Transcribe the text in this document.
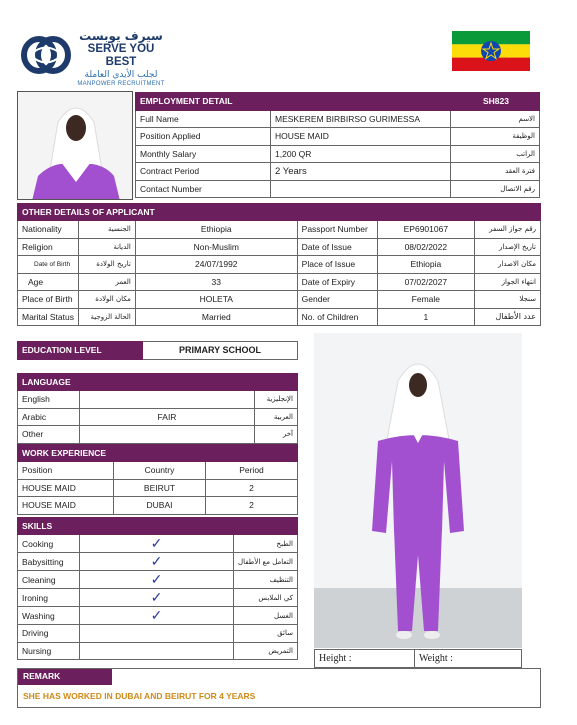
سيرف يوبست
SERVE YOU BEST
لجلب الأيدي العاملة
MANPOWER RECRUITMENT
EMPLOYMENT DETAIL		SH823
Full Name	MESKEREM BIRBIRSO GURIMESSA	الاسم
Position Applied	HOUSE MAID	الوظيفة
Monthly Salary	1,200 QR	الراتب
Contract Period	2 Years	فترة العقد
Contact Number		رقم الاتصال
OTHER DETAILS OF APPLICANT					
Nationality	الجنسية	Ethiopia	Passport Number	EP6901067	رقم جواز السفر
Religion	الديانة	Non-Muslim	Date of Issue	08/02/2022	تاريخ الإصدار
Date of Birth	تاريخ الولادة	24/07/1992	Place of Issue	Ethiopia	مكان الاصدار
Age	العمر	33	Date of Expiry	07/02/2027	انتهاء الجواز
Place of Birth	مكان الولادة	HOLETA	Gender	Female	سنجلا
Marital Status	الحالة الزوجية	Married	No. of Children	1	عدد الأطفال
EDUCATION LEVEL	PRIMARY SCHOOL
LANGUAGE		
English		الإنجليزية
Arabic	FAIR	العربية
Other		آخر
WORK EXPERIENCE		
Position	Country	Period
HOUSE MAID	BEIRUT	2
HOUSE MAID	DUBAI	2
SKILLS		
Cooking	✓	الطبخ
Babysitting	✓	التعامل مع الأطفال
Cleaning	✓	التنظيف
Ironing	✓	كي الملابس
Washing	✓	الغسل
Driving		سائق
Nursing		التمريض
Height :	Weight :
REMARK
SHE HAS WORKED IN DUBAI AND BEIRUT FOR 4 YEARS
